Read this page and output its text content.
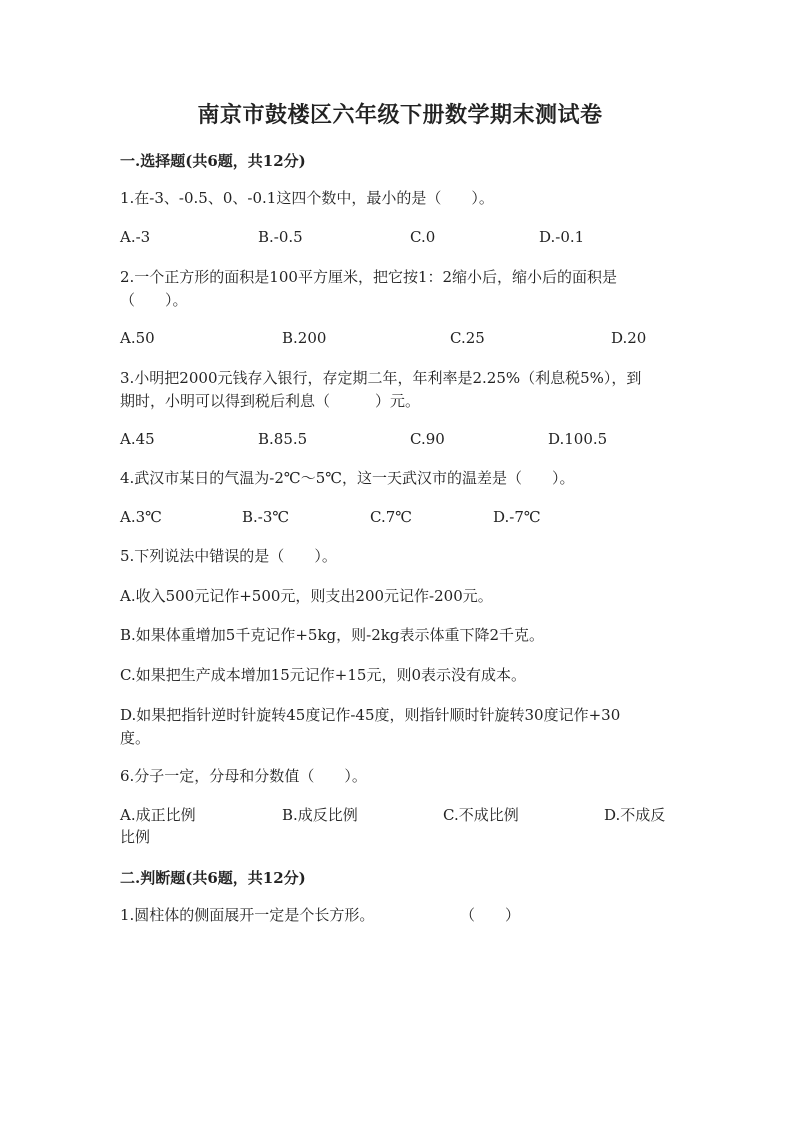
南京市鼓楼区六年级下册数学期末测试卷
一.选择题(共6题，共12分)
1.在-3、-0.5、0、-0.1这四个数中，最小的是（　　）。
A.-3	B.-0.5	C.0	D.-0.1
2.一个正方形的面积是100平方厘米，把它按1：2缩小后，缩小后的面积是
（　　）。
A.50	B.200	C.25	D.20
3.小明把2000元钱存入银行，存定期二年，年利率是2.25%（利息税5%），到
期时，小明可以得到税后利息（　　　）元。
A.45	B.85.5	C.90	D.100.5
4.武汉市某日的气温为-2℃～5℃，这一天武汉市的温差是（　　）。
A.3℃	B.-3℃	C.7℃	D.-7℃
5.下列说法中错误的是（　　）。
A.收入500元记作+500元，则支出200元记作-200元。
B.如果体重增加5千克记作+5kg，则-2kg表示体重下降2千克。
C.如果把生产成本增加15元记作+15元，则0表示没有成本。
D.如果把指针逆时针旋转45度记作-45度，则指针顺时针旋转30度记作+30
度。
6.分子一定，分母和分数值（　　）。
A.成正比例	B.成反比例	C.不成比例	D.不成反
比例
二.判断题(共6题，共12分)
1.圆柱体的侧面展开一定是个长方形。	（　　）
